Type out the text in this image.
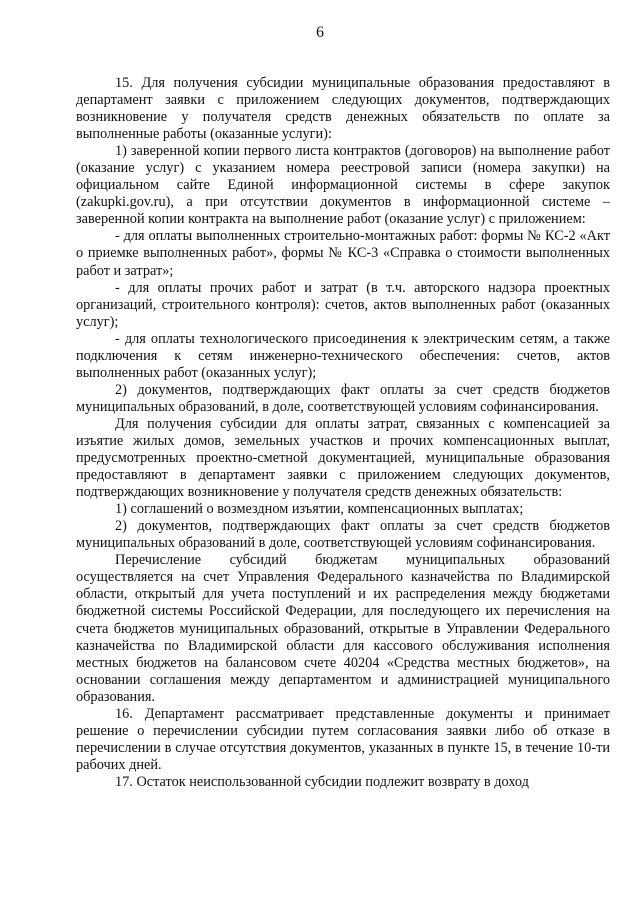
6

15. Для получения субсидии муниципальные образования предоставляют в департамент заявки с приложением следующих документов, подтверждающих возникновение у получателя средств денежных обязательств по оплате за выполненные работы (оказанные услуги):

1) заверенной копии первого листа контрактов (договоров) на выполнение работ (оказание услуг) с указанием номера реестровой записи (номера закупки) на официальном сайте Единой информационной системы в сфере закупок (zakupki.gov.ru), а при отсутствии документов в информационной системе – заверенной копии контракта на выполнение работ (оказание услуг) с приложением:

- для оплаты выполненных строительно-монтажных работ: формы № КС-2 «Акт о приемке выполненных работ», формы № КС-3 «Справка о стоимости выполненных работ и затрат»;

- для оплаты прочих работ и затрат (в т.ч. авторского надзора проектных организаций, строительного контроля): счетов, актов выполненных работ (оказанных услуг);

- для оплаты технологического присоединения к электрическим сетям, а также подключения к сетям инженерно-технического обеспечения: счетов, актов выполненных работ (оказанных услуг);

2) документов, подтверждающих факт оплаты за счет средств бюджетов муниципальных образований, в доле, соответствующей условиям софинансирования.

Для получения субсидии для оплаты затрат, связанных с компенсацией за изъятие жилых домов, земельных участков и прочих компенсационных выплат, предусмотренных проектно-сметной документацией, муниципальные образования предоставляют в департамент заявки с приложением следующих документов, подтверждающих возникновение у получателя средств денежных обязательств:

1) соглашений о возмездном изъятии, компенсационных выплатах;

2) документов, подтверждающих факт оплаты за счет средств бюджетов муниципальных образований в доле, соответствующей условиям софинансирования.

Перечисление субсидий бюджетам муниципальных образований осуществляется на счет Управления Федерального казначейства по Владимирской области, открытый для учета поступлений и их распределения между бюджетами бюджетной системы Российской Федерации, для последующего их перечисления на счета бюджетов муниципальных образований, открытые в Управлении Федерального казначейства по Владимирской области для кассового обслуживания исполнения местных бюджетов на балансовом счете 40204 «Средства местных бюджетов», на основании соглашения между департаментом и администрацией муниципального образования.

16. Департамент рассматривает представленные документы и принимает решение о перечислении субсидии путем согласования заявки либо об отказе в перечислении в случае отсутствия документов, указанных в пункте 15, в течение 10-ти рабочих дней.

17. Остаток неиспользованной субсидии подлежит возврату в доход
